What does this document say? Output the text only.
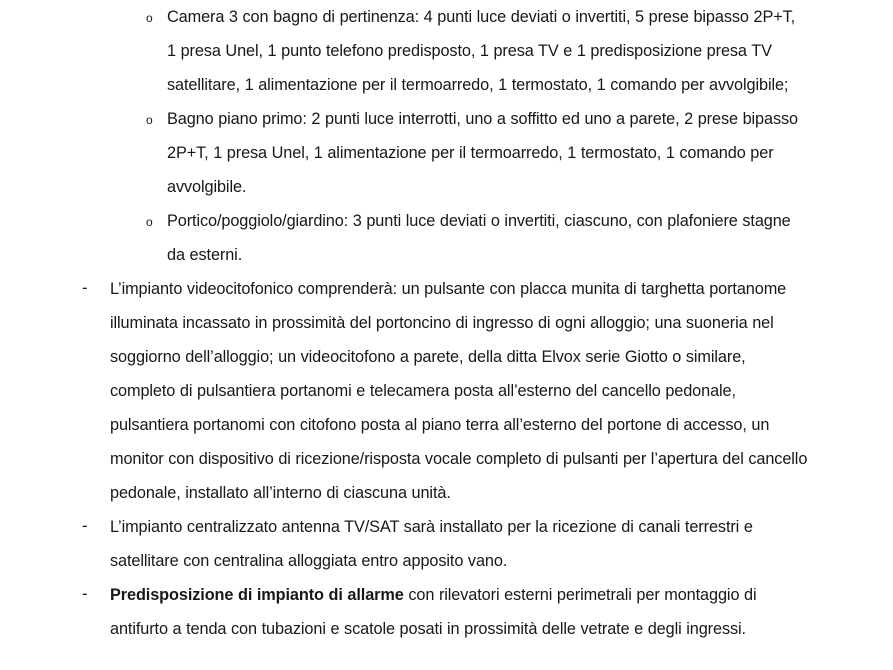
o Camera 3 con bagno di pertinenza: 4 punti luce deviati o invertiti, 5 prese bipasso 2P+T, 1 presa Unel, 1 punto telefono predisposto, 1 presa TV e 1 predisposizione presa TV satellitare, 1 alimentazione per il termoarredo, 1 termostato, 1 comando per avvolgibile;
o Bagno piano primo: 2 punti luce interrotti, uno a soffitto ed uno a parete, 2 prese bipasso 2P+T, 1 presa Unel, 1 alimentazione per il termoarredo, 1 termostato, 1 comando per avvolgibile.
o Portico/poggiolo/giardino: 3 punti luce deviati o invertiti, ciascuno, con plafoniere stagne da esterni.
- L’impianto videocitofonico comprenderà: un pulsante con placca munita di targhetta portanome illuminata incassato in prossimità del portoncino di ingresso di ogni alloggio; una suoneria nel soggiorno dell’alloggio; un videocitofono a parete, della ditta Elvox serie Giotto o similare, completo di pulsantiera portanomi e telecamera posta all’esterno del cancello pedonale, pulsantiera portanomi con citofono posta al piano terra all’esterno del portone di accesso, un monitor con dispositivo di ricezione/risposta vocale completo di pulsanti per l’apertura del cancello pedonale, installato all’interno di ciascuna unità.
- L’impianto centralizzato antenna TV/SAT sarà installato per la ricezione di canali terrestri e satellitare con centralina alloggiata entro apposito vano.
- Predisposizione di impianto di allarme con rilevatori esterni perimetrali per montaggio di antifurto a tenda con tubazioni e scatole posati in prossimità delle vetrate e degli ingressi.
